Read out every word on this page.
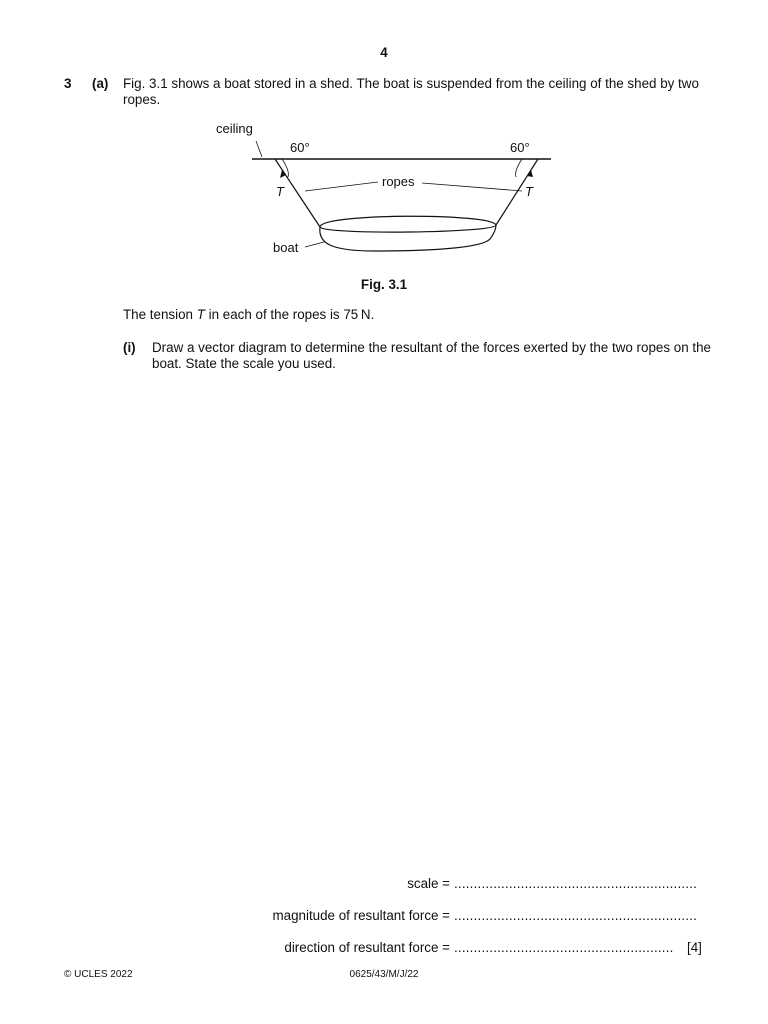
4
3 (a) Fig. 3.1 shows a boat stored in a shed. The boat is suspended from the ceiling of the shed by two ropes.
ceiling
60°	60°
T	T
ropes
boat
Fig. 3.1
The tension T in each of the ropes is 75 N.
(i) Draw a vector diagram to determine the resultant of the forces exerted by the two ropes on the boat. State the scale you used.
scale = ..............................................................
magnitude of resultant force = ..............................................................
direction of resultant force = ........................................................	[4]
© UCLES 2022	0625/43/M/J/22
